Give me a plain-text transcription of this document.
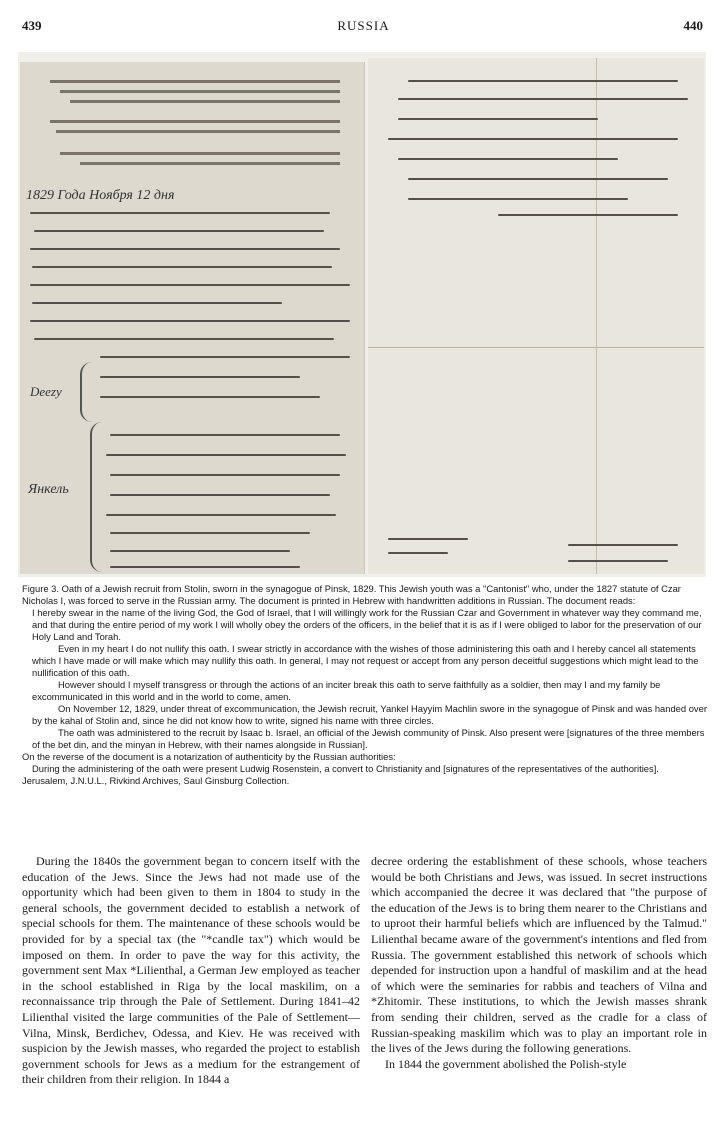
439	RUSSIA	440
1829 Года Ноября 12 дня
Deezy
Янкель

Figure 3. Oath of a Jewish recruit from Stolin, sworn in the synagogue of Pinsk, 1829. This Jewish youth was a "Cantonist" who, under the 1827 statute of Czar Nicholas I, was forced to serve in the Russian army. The document is printed in Hebrew with handwritten additions in Russian. The document reads:

I hereby swear in the name of the living God, the God of Israel, that I will willingly work for the Russian Czar and Government in whatever way they command me, and that during the entire period of my work I will wholly obey the orders of the officers, in the belief that it is as if I were obliged to labor for the preservation of our Holy Land and Torah.

Even in my heart I do not nullify this oath. I swear strictly in accordance with the wishes of those administering this oath and I hereby cancel all statements which I have made or will make which may nullify this oath. In general, I may not request or accept from any person deceitful suggestions which might lead to the nullification of this oath.

However should I myself transgress or through the actions of an inciter break this oath to serve faithfully as a soldier, then may I and my family be excommunicated in this world and in the world to come, amen.

On November 12, 1829, under threat of excommunication, the Jewish recruit, Yankel Hayyim Machlin swore in the synagogue of Pinsk and was handed over by the kahal of Stolin and, since he did not know how to write, signed his name with three circles.

The oath was administered to the recruit by Isaac b. Israel, an official of the Jewish community of Pinsk. Also present were [signatures of the three members of the bet din, and the minyan in Hebrew, with their names alongside in Russian].

On the reverse of the document is a notarization of authenticity by the Russian authorities:

During the administering of the oath were present Ludwig Rosenstein, a convert to Christianity and [signatures of the representatives of the authorities].

Jerusalem, J.N.U.L., Rivkind Archives, Saul Ginsburg Collection.

During the 1840s the government began to concern itself with the education of the Jews. Since the Jews had not made use of the opportunity which had been given to them in 1804 to study in the general schools, the government decided to establish a network of special schools for them. The maintenance of these schools would be provided for by a special tax (the "*candle tax") which would be imposed on them. In order to pave the way for this activity, the government sent Max *Lilienthal, a German Jew employed as teacher in the school established in Riga by the local maskilim, on a reconnaissance trip through the Pale of Settlement. During 1841–42 Lilienthal visited the large communities of the Pale of Settlement—Vilna, Minsk, Berdichev, Odessa, and Kiev. He was received with suspicion by the Jewish masses, who regarded the project to establish government schools for Jews as a medium for the estrangement of their children from their religion. In 1844 a

decree ordering the establishment of these schools, whose teachers would be both Christians and Jews, was issued. In secret instructions which accompanied the decree it was declared that "the purpose of the education of the Jews is to bring them nearer to the Christians and to uproot their harmful beliefs which are influenced by the Talmud." Lilienthal became aware of the government's intentions and fled from Russia. The government established this network of schools which depended for instruction upon a handful of maskilim and at the head of which were the seminaries for rabbis and teachers of Vilna and *Zhitomir. These institutions, to which the Jewish masses shrank from sending their children, served as the cradle for a class of Russian-speaking maskilim which was to play an important role in the lives of the Jews during the following generations.

In 1844 the government abolished the Polish-style
